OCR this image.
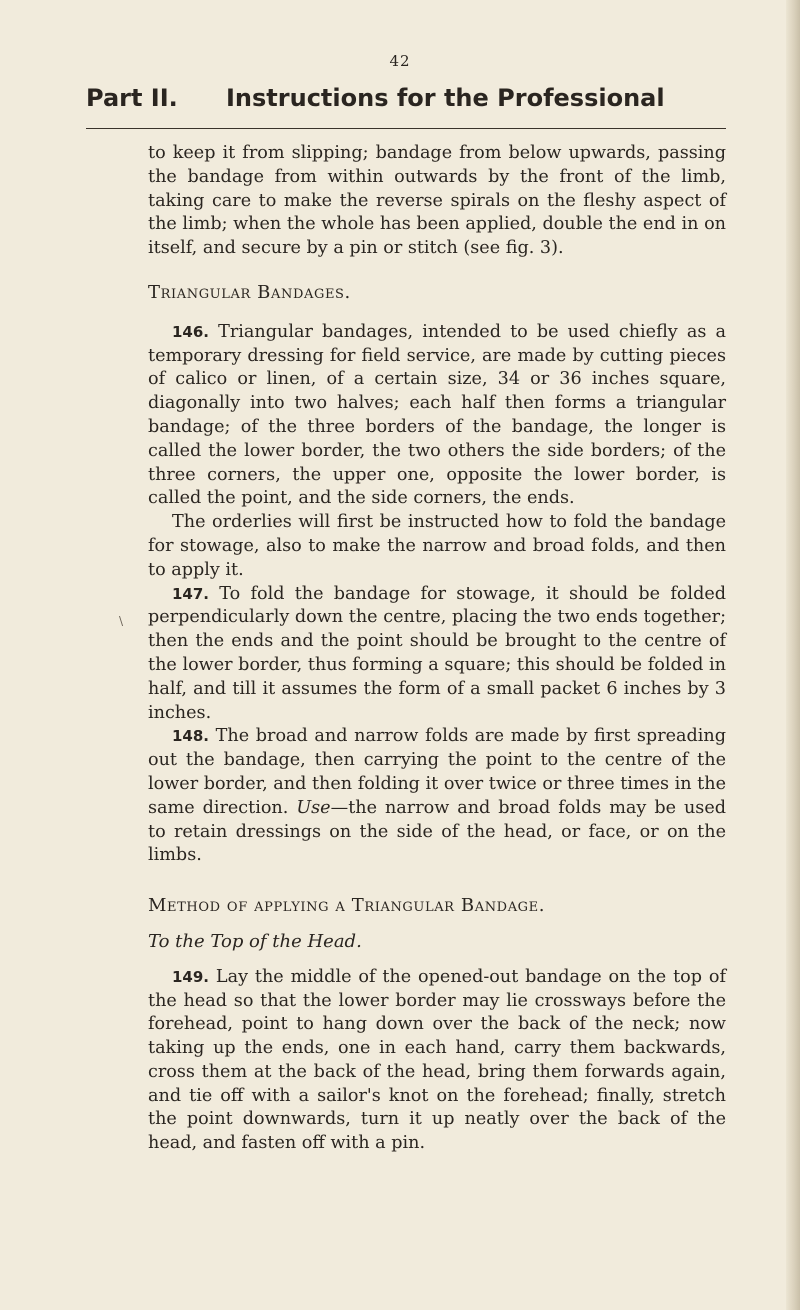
42
Part II. Instructions for the Professional
\

to keep it from slipping; bandage from below upwards, passing the bandage from within outwards by the front of the limb, taking care to make the reverse spirals on the fleshy aspect of the limb; when the whole has been applied, double the end in on itself, and secure by a pin or stitch (see fig. 3).

Triangular Bandages.

146. Triangular bandages, intended to be used chiefly as a temporary dressing for field service, are made by cutting pieces of calico or linen, of a certain size, 34 or 36 inches square, diagonally into two halves; each half then forms a triangular bandage; of the three borders of the bandage, the longer is called the lower border, the two others the side borders; of the three corners, the upper one, opposite the lower border, is called the point, and the side corners, the ends.

The orderlies will first be instructed how to fold the bandage for stowage, also to make the narrow and broad folds, and then to apply it.

147. To fold the bandage for stowage, it should be folded perpendicularly down the centre, placing the two ends together; then the ends and the point should be brought to the centre of the lower border, thus forming a square; this should be folded in half, and till it assumes the form of a small packet 6 inches by 3 inches.

148. The broad and narrow folds are made by first spreading out the bandage, then carrying the point to the centre of the lower border, and then folding it over twice or three times in the same direction. Use—the narrow and broad folds may be used to retain dressings on the side of the head, or face, or on the limbs.

Method of applying a Triangular Bandage.

To the Top of the Head.

149. Lay the middle of the opened-out bandage on the top of the head so that the lower border may lie crossways before the forehead, point to hang down over the back of the neck; now taking up the ends, one in each hand, carry them backwards, cross them at the back of the head, bring them forwards again, and tie off with a sailor's knot on the forehead; finally, stretch the point downwards, turn it up neatly over the back of the head, and fasten off with a pin.
